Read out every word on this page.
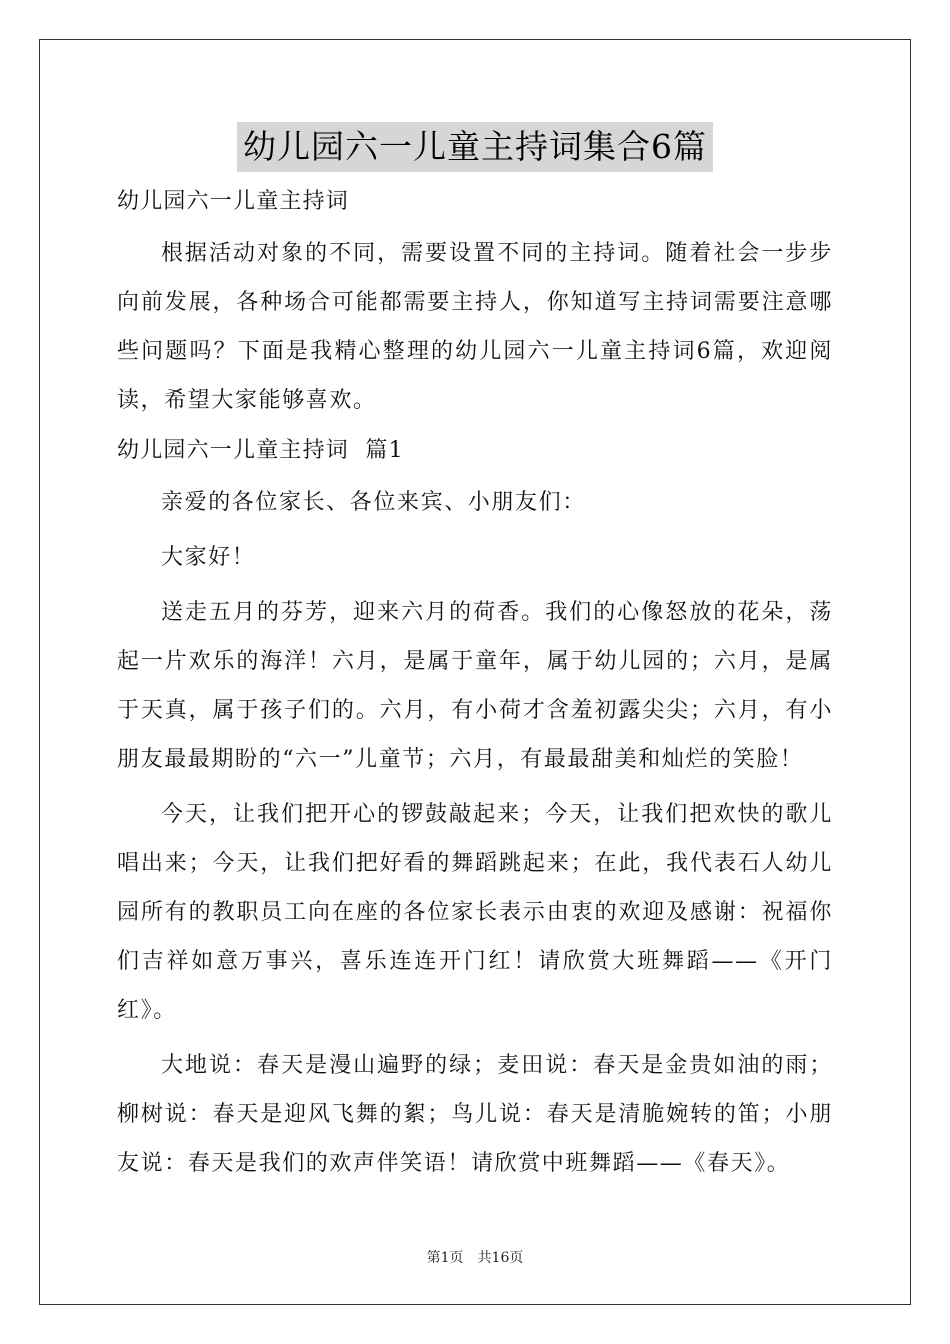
幼儿园六一儿童主持词集合6篇

幼儿园六一儿童主持词

根据活动对象的不同，需要设置不同的主持词。随着社会一步步向前发展，各种场合可能都需要主持人，你知道写主持词需要注意哪些问题吗？下面是我精心整理的幼儿园六一儿童主持词6篇，欢迎阅读，希望大家能够喜欢。

幼儿园六一儿童主持词  篇1

亲爱的各位家长、各位来宾、小朋友们：

大家好！

送走五月的芬芳，迎来六月的荷香。我们的心像怒放的花朵，荡起一片欢乐的海洋！六月，是属于童年，属于幼儿园的；六月，是属于天真，属于孩子们的。六月，有小荷才含羞初露尖尖；六月，有小朋友最最期盼的“六一”儿童节；六月，有最最甜美和灿烂的笑脸！

今天，让我们把开心的锣鼓敲起来；今天，让我们把欢快的歌儿唱出来；今天，让我们把好看的舞蹈跳起来；在此，我代表石人幼儿园所有的教职员工向在座的各位家长表示由衷的欢迎及感谢：祝福你们吉祥如意万事兴，喜乐连连开门红！请欣赏大班舞蹈——《开门红》。

大地说：春天是漫山遍野的绿；麦田说：春天是金贵如油的雨；柳树说：春天是迎风飞舞的絮；鸟儿说：春天是清脆婉转的笛；小朋友说：春天是我们的欢声伴笑语！请欣赏中班舞蹈——《春天》。

第1页 共16页
